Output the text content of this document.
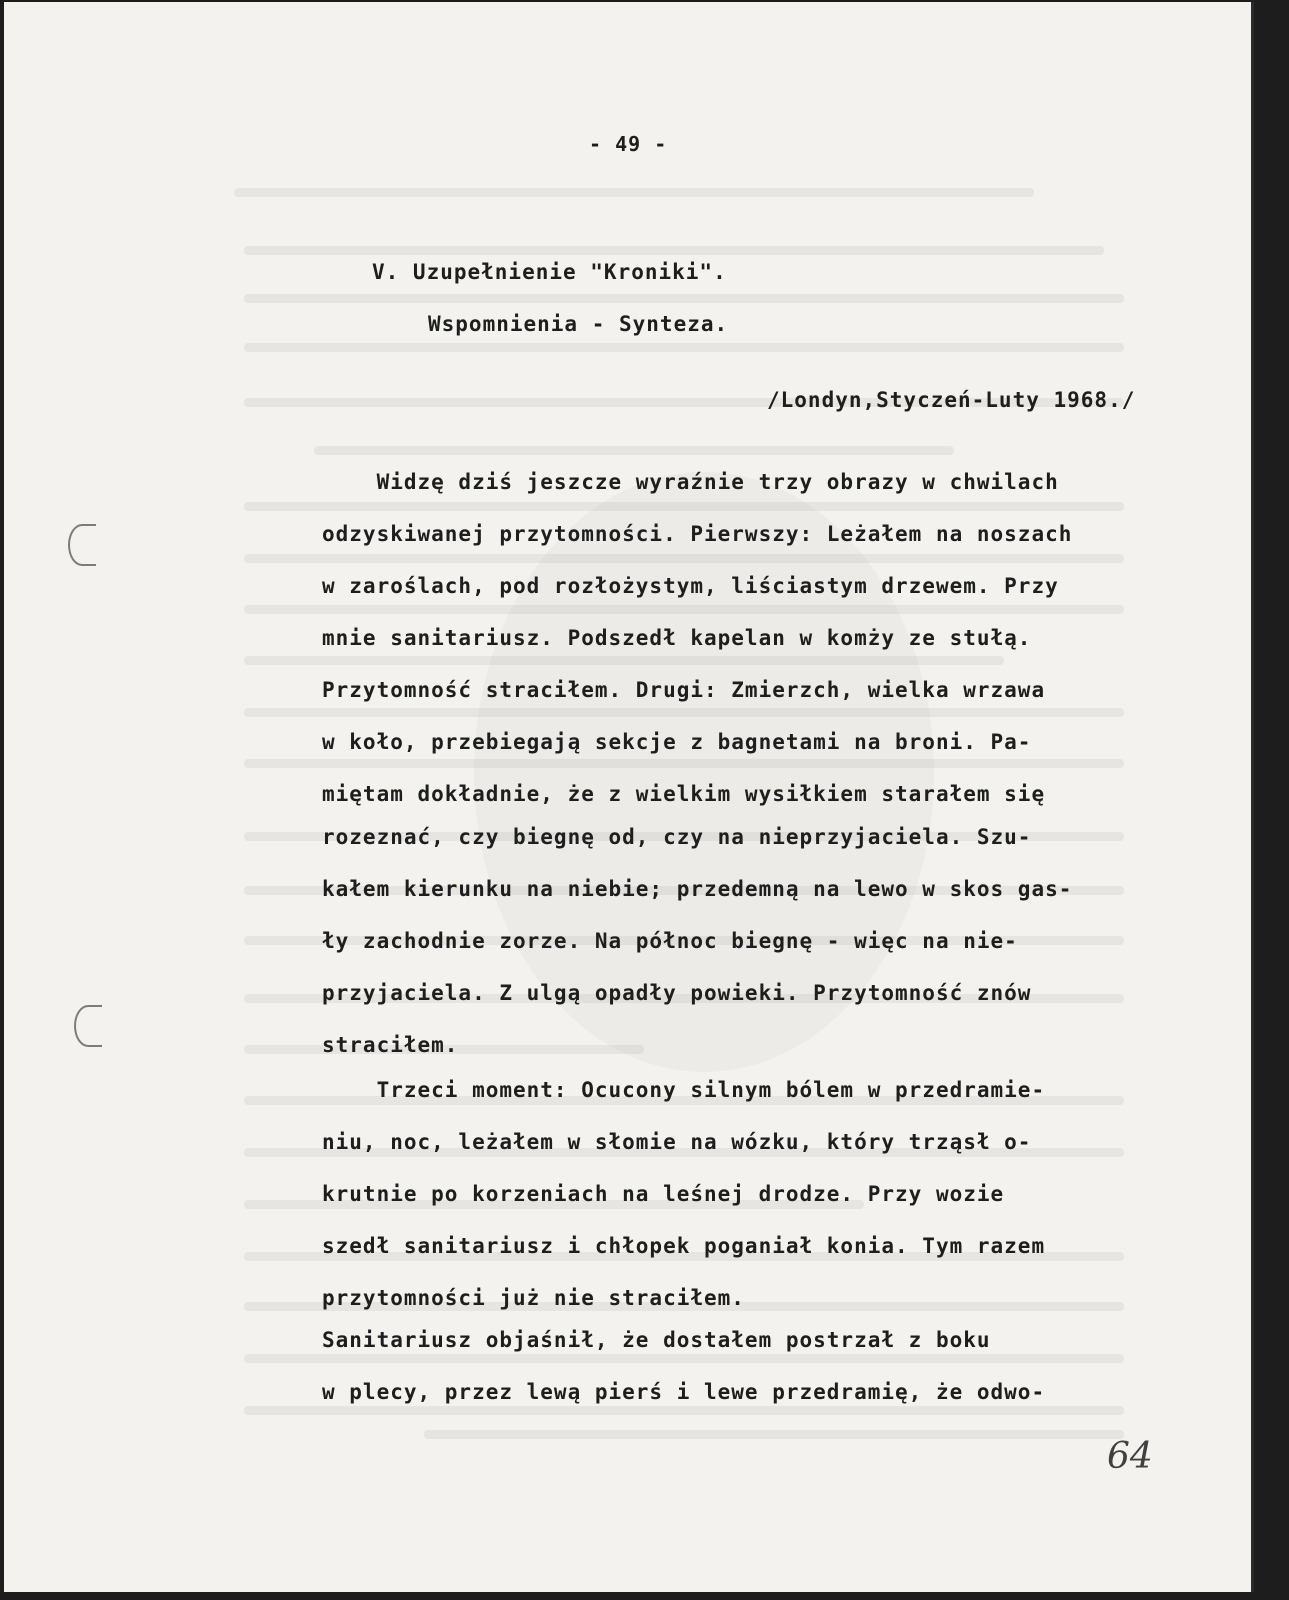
- 49 -
V. Uzupełnienie "Kroniki".
Wspomnienia - Synteza.
/Londyn,Styczeń-Luty 1968./
Widzę dziś jeszcze wyraźnie trzy obrazy w chwilach
odzyskiwanej przytomności. Pierwszy: Leżałem na noszach
w zaroślach, pod rozłożystym, liściastym drzewem. Przy
mnie sanitariusz. Podszedł kapelan w komży ze stułą.
Przytomność straciłem. Drugi: Zmierzch, wielka wrzawa
w koło, przebiegają sekcje z bagnetami na broni. Pa-
miętam dokładnie, że z wielkim wysiłkiem starałem się
rozeznać, czy biegnę od, czy na nieprzyjaciela. Szu-
kałem kierunku na niebie; przedemną na lewo w skos gas-
ły zachodnie zorze. Na północ biegnę - więc na nie-
przyjaciela. Z ulgą opadły powieki. Przytomność znów
straciłem.
Trzeci moment: Ocucony silnym bólem w przedramie-
niu, noc, leżałem w słomie na wózku, który trząsł o-
krutnie po korzeniach na leśnej drodze. Przy wozie
szedł sanitariusz i chłopek poganiał konia. Tym razem
przytomności już nie straciłem.
Sanitariusz objaśnił, że dostałem postrzał z boku
w plecy, przez lewą pierś i lewe przedramię, że odwo-
64
